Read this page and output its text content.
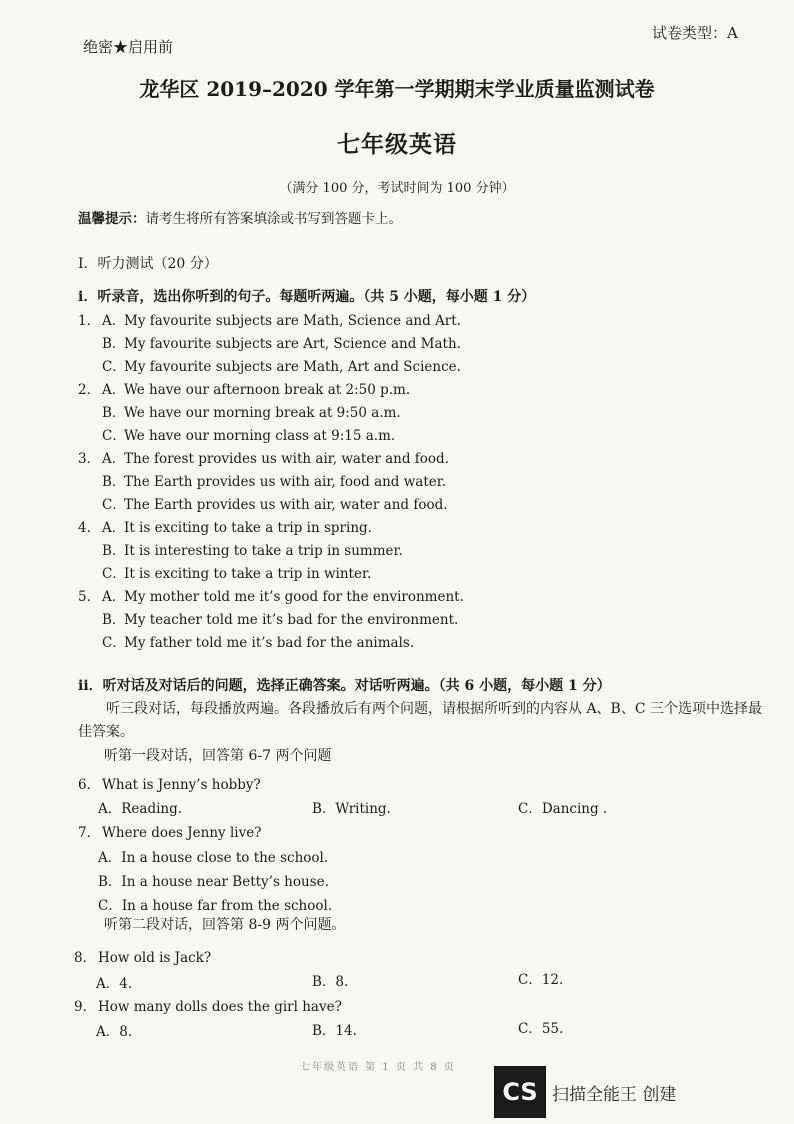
绝密★启用前
试卷类型：A
龙华区 2019–2020 学年第一学期期末学业质量监测试卷
七年级英语
（满分 100 分，考试时间为 100 分钟）
温馨提示：请考生将所有答案填涂或书写到答题卡上。
I．听力测试（20 分）
i．听录音，选出你听到的句子。每题听两遍。（共 5 小题，每小题 1 分）
1． A．My favourite subjects are Math, Science and Art.
B．My favourite subjects are Art, Science and Math.
C．My favourite subjects are Math, Art and Science.
2． A．We have our afternoon break at 2:50 p.m.
B．We have our morning break at 9:50 a.m.
C．We have our morning class at 9:15 a.m.
3． A．The forest provides us with air, water and food.
B．The Earth provides us with air, food and water.
C．The Earth provides us with air, water and food.
4． A．It is exciting to take a trip in spring.
B．It is interesting to take a trip in summer.
C．It is exciting to take a trip in winter.
5． A．My mother told me it’s good for the environment.
B．My teacher told me it’s bad for the environment.
C．My father told me it’s bad for the animals.
ii．听对话及对话后的问题，选择正确答案。对话听两遍。（共 6 小题，每小题 1 分）
听三段对话，每段播放两遍。各段播放后有两个问题，请根据所听到的内容从 A、B、C 三个选项中选择最佳答案。
听第一段对话，回答第 6-7 两个问题
6． What is Jenny’s hobby?
A．Reading.	B．Writing.	C．Dancing .
7． Where does Jenny live?
A．In a house close to the school.
B．In a house near Betty’s house.
C．In a house far from the school.
听第二段对话，回答第 8-9 两个问题。
8． How old is Jack?
A．4.	B．8.	C．12.
9． How many dolls does the girl have?
A．8.	B．14.	C．55.
七年级英语 第 1 页 共 8 页
CS 扫描全能王 创建
